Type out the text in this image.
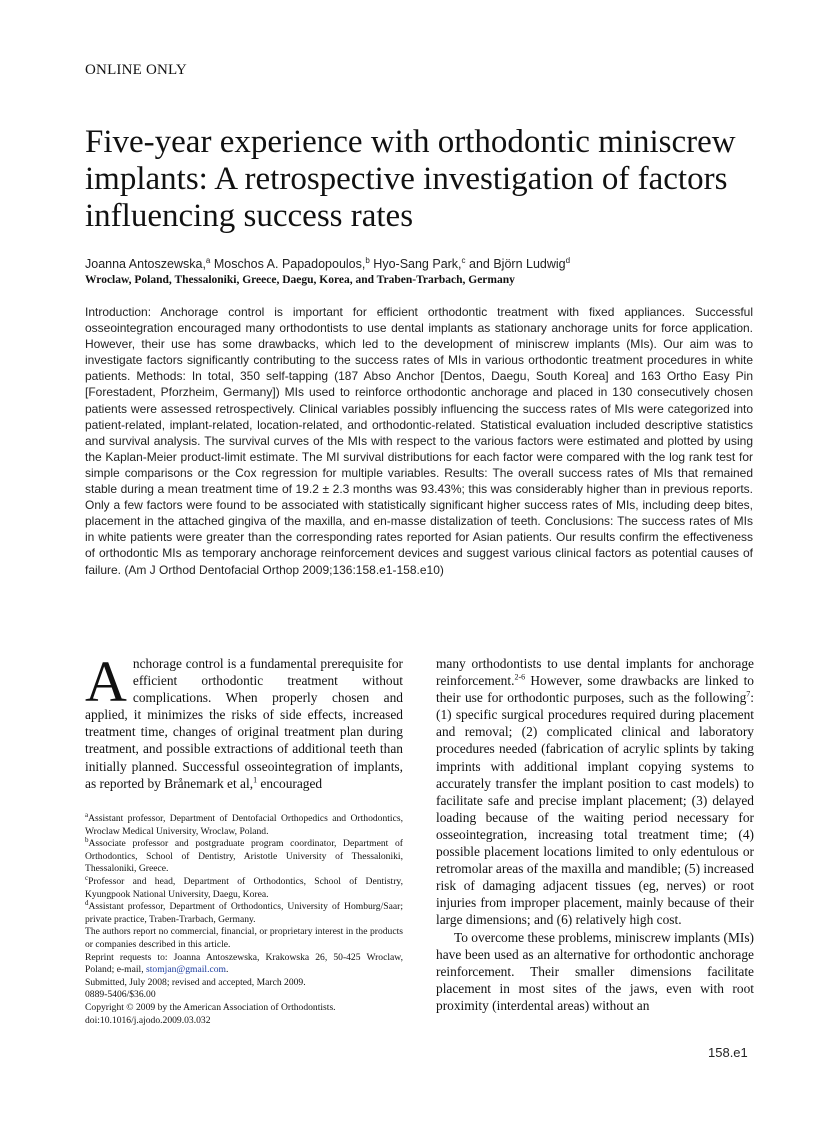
ONLINE ONLY
Five-year experience with orthodontic miniscrew implants: A retrospective investigation of factors influencing success rates
Joanna Antoszewska,$^a$ Moschos A. Papadopoulos,$^b$ Hyo-Sang Park,$^c$ and Björn Ludwig$^d$
Wroclaw, Poland, Thessaloniki, Greece, Daegu, Korea, and Traben-Trarbach, Germany

Introduction: Anchorage control is important for efficient orthodontic treatment with fixed appliances. Successful osseointegration encouraged many orthodontists to use dental implants as stationary anchorage units for force application. However, their use has some drawbacks, which led to the development of miniscrew implants (MIs). Our aim was to investigate factors significantly contributing to the success rates of MIs in various orthodontic treatment procedures in white patients. Methods: In total, 350 self-tapping (187 Abso Anchor [Dentos, Daegu, South Korea] and 163 Ortho Easy Pin [Forestadent, Pforzheim, Germany]) MIs used to reinforce orthodontic anchorage and placed in 130 consecutively chosen patients were assessed retrospectively. Clinical variables possibly influencing the success rates of MIs were categorized into patient-related, implant-related, location-related, and orthodontic-related. Statistical evaluation included descriptive statistics and survival analysis. The survival curves of the MIs with respect to the various factors were estimated and plotted by using the Kaplan-Meier product-limit estimate. The MI survival distributions for each factor were compared with the log rank test for simple comparisons or the Cox regression for multiple variables. Results: The overall success rates of MIs that remained stable during a mean treatment time of 19.2 ± 2.3 months was 93.43%; this was considerably higher than in previous reports. Only a few factors were found to be associated with statistically significant higher success rates of MIs, including deep bites, placement in the attached gingiva of the maxilla, and en-masse distalization of teeth. Conclusions: The success rates of MIs in white patients were greater than the corresponding rates reported for Asian patients. Our results confirm the effectiveness of orthodontic MIs as temporary anchorage reinforcement devices and suggest various clinical factors as potential causes of failure. (Am J Orthod Dentofacial Orthop 2009;136:158.e1-158.e10)

Anchorage control is a fundamental prerequisite for efficient orthodontic treatment without complications. When properly chosen and applied, it minimizes the risks of side effects, increased treatment time, changes of original treatment plan during treatment, and possible extractions of additional teeth than initially planned. Successful osseointegration of implants, as reported by Brånemark et al,$^1$ encouraged

$^a$Assistant professor, Department of Dentofacial Orthopedics and Orthodontics, Wroclaw Medical University, Wroclaw, Poland.

$^b$Associate professor and postgraduate program coordinator, Department of Orthodontics, School of Dentistry, Aristotle University of Thessaloniki, Thessaloniki, Greece.

$^c$Professor and head, Department of Orthodontics, School of Dentistry, Kyungpook National University, Daegu, Korea.

$^d$Assistant professor, Department of Orthodontics, University of Homburg/Saar; private practice, Traben-Trarbach, Germany.

The authors report no commercial, financial, or proprietary interest in the products or companies described in this article.

Reprint requests to: Joanna Antoszewska, Krakowska 26, 50-425 Wroclaw, Poland; e-mail, stomjan@gmail.com.

Submitted, July 2008; revised and accepted, March 2009.

0889-5406/$36.00

Copyright © 2009 by the American Association of Orthodontists.

doi:10.1016/j.ajodo.2009.03.032

many orthodontists to use dental implants for anchorage reinforcement.$^{2-6}$ However, some drawbacks are linked to their use for orthodontic purposes, such as the following$^7$: (1) specific surgical procedures required during placement and removal; (2) complicated clinical and laboratory procedures needed (fabrication of acrylic splints by taking imprints with additional implant copying systems to accurately transfer the implant position to cast models) to facilitate safe and precise implant placement; (3) delayed loading because of the waiting period necessary for osseointegration, increasing total treatment time; (4) possible placement locations limited to only edentulous or retromolar areas of the maxilla and mandible; (5) increased risk of damaging adjacent tissues (eg, nerves) or root injuries from improper placement, mainly because of their large dimensions; and (6) relatively high cost.

To overcome these problems, miniscrew implants (MIs) have been used as an alternative for orthodontic anchorage reinforcement. Their smaller dimensions facilitate placement in most sites of the jaws, even with root proximity (interdental areas) without an

158.e1
